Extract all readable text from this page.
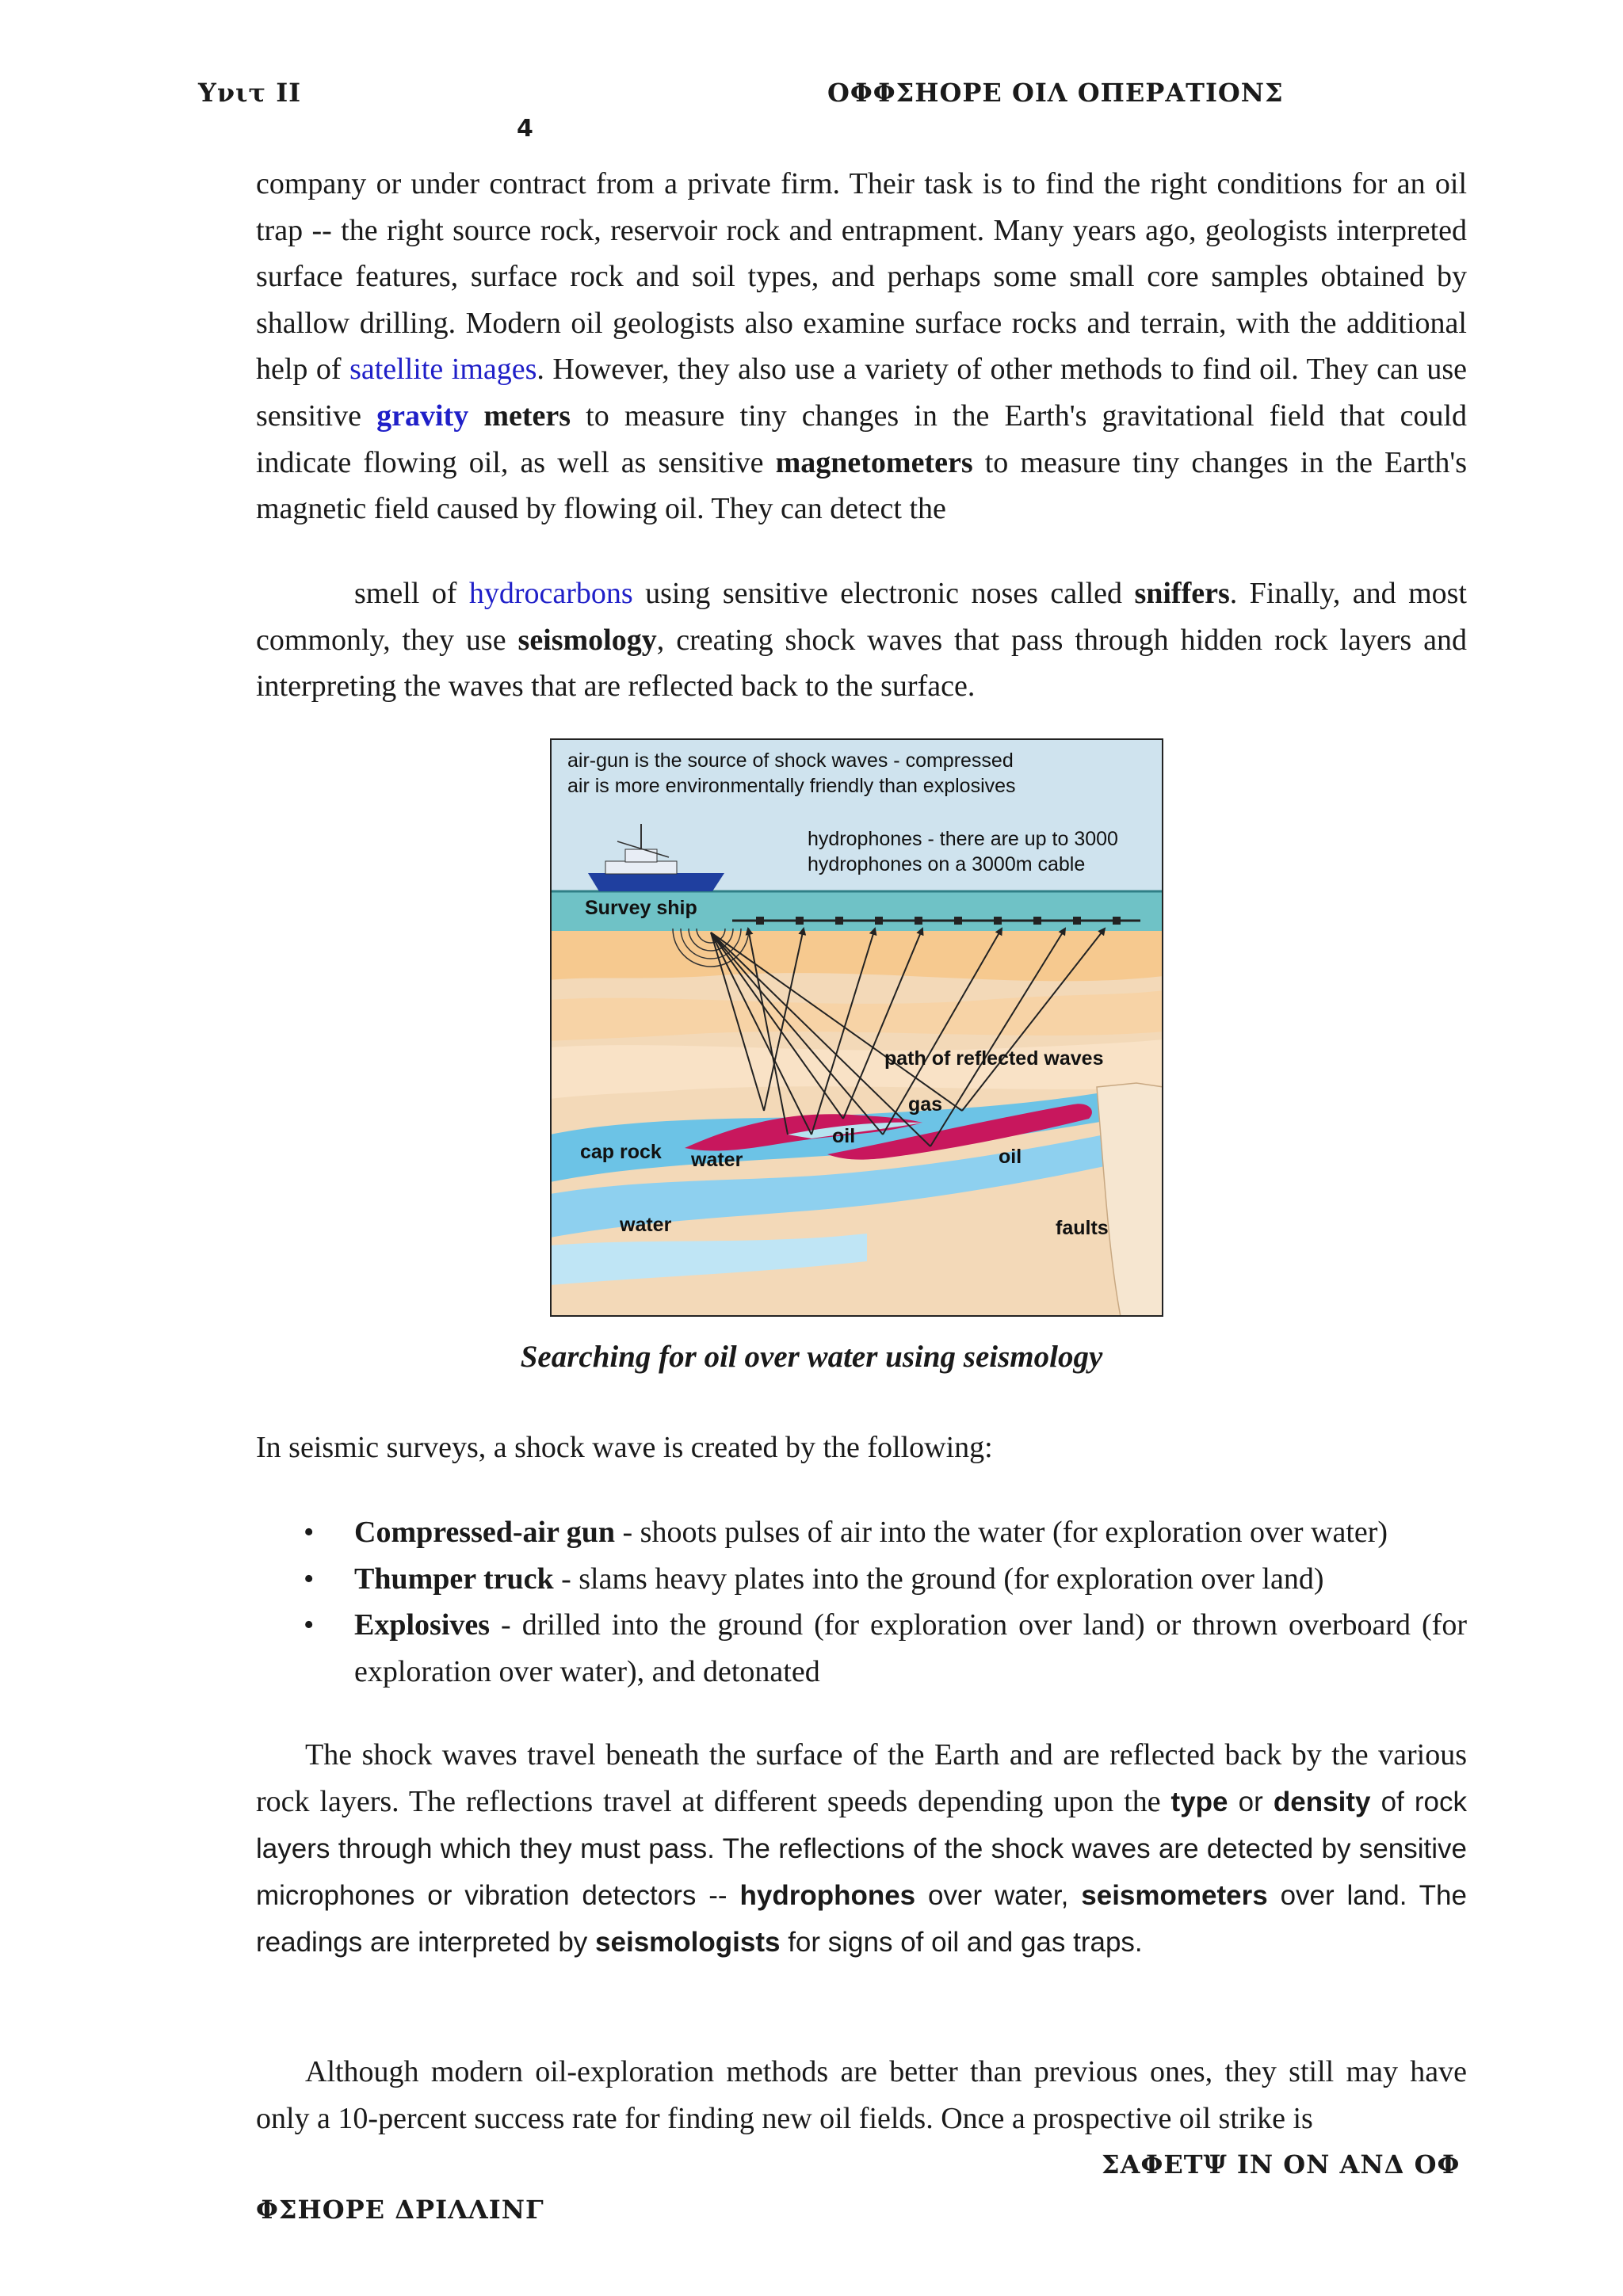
Υνιτ ΙΙ	ΟΦΦΣΗΟΡΕ ΟΙΛ ΟΠΕΡΑΤΙΟΝΣ
4
company or under contract from a private firm. Their task is to find the right conditions for an oil trap -- the right source rock, reservoir rock and entrapment. Many years ago, geologists interpreted surface features, surface rock and soil types, and perhaps some small core samples obtained by shallow drilling. Modern oil geologists also examine surface rocks and terrain, with the additional help of satellite images. However, they also use a variety of other methods to find oil. They can use sensitive gravity meters to measure tiny changes in the Earth's gravitational field that could indicate flowing oil, as well as sensitive magnetometers to measure tiny changes in the Earth's magnetic field caused by flowing oil. They can detect the
smell of hydrocarbons using sensitive electronic noses called sniffers. Finally, and most commonly, they use seismology, creating shock waves that pass through hidden rock layers and interpreting the waves that are reflected back to the surface.
air-gun is the source of shock waves - compressed
air is more environmentally friendly than explosives
hydrophones - there are up to 3000
hydrophones on a 3000m cable
Survey ship
path of reflected waves
gas
oil
oil
cap rock water
water	faults
Searching for oil over water using seismology
In seismic surveys, a shock wave is created by the following:
• Compressed-air gun - shoots pulses of air into the water (for exploration over water)
• Thumper truck - slams heavy plates into the ground (for exploration over land)
• Explosives - drilled into the ground (for exploration over land) or thrown overboard (for exploration over water), and detonated
The shock waves travel beneath the surface of the Earth and are reflected back by the various rock layers. The reflections travel at different speeds depending upon the type or density of rock layers through which they must pass. The reflections of the shock waves are detected by sensitive microphones or vibration detectors -- hydrophones over water, seismometers over land. The readings are interpreted by seismologists for signs of oil and gas traps.
Although modern oil-exploration methods are better than previous ones, they still may have only a 10-percent success rate for finding new oil fields. Once a prospective oil strike is
ΣΑΦΕΤΨ ΙΝ ΟΝ ΑΝΔ ΟΦ
ΦΣΗΟΡΕ ΔΡΙΛΛΙΝΓ
